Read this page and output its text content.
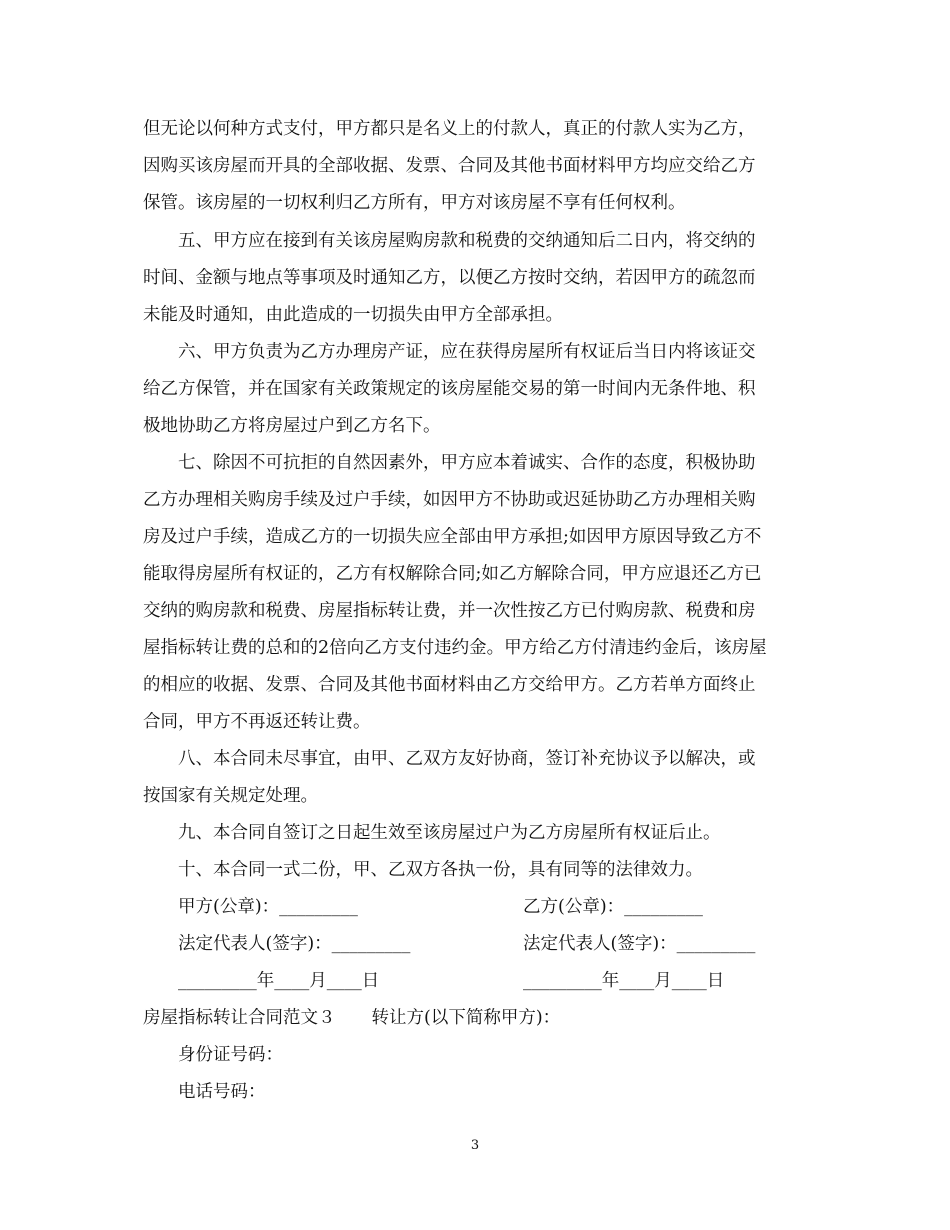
但无论以何种方式支付，甲方都只是名义上的付款人，真正的付款人实为乙方，
因购买该房屋而开具的全部收据、发票、合同及其他书面材料甲方均应交给乙方
保管。该房屋的一切权利归乙方所有，甲方对该房屋不享有任何权利。
五、甲方应在接到有关该房屋购房款和税费的交纳通知后二日内，将交纳的
时间、金额与地点等事项及时通知乙方，以便乙方按时交纳，若因甲方的疏忽而
未能及时通知，由此造成的一切损失由甲方全部承担。
六、甲方负责为乙方办理房产证，应在获得房屋所有权证后当日内将该证交
给乙方保管，并在国家有关政策规定的该房屋能交易的第一时间内无条件地、积
极地协助乙方将房屋过户到乙方名下。
七、除因不可抗拒的自然因素外，甲方应本着诚实、合作的态度，积极协助
乙方办理相关购房手续及过户手续，如因甲方不协助或迟延协助乙方办理相关购
房及过户手续，造成乙方的一切损失应全部由甲方承担;如因甲方原因导致乙方不
能取得房屋所有权证的，乙方有权解除合同;如乙方解除合同，甲方应退还乙方已
交纳的购房款和税费、房屋指标转让费，并一次性按乙方已付购房款、税费和房
屋指标转让费的总和的2倍向乙方支付违约金。甲方给乙方付清违约金后，该房屋
的相应的收据、发票、合同及其他书面材料由乙方交给甲方。乙方若单方面终止
合同，甲方不再返还转让费。
八、本合同未尽事宜，由甲、乙双方友好协商，签订补充协议予以解决，或
按国家有关规定处理。
九、本合同自签订之日起生效至该房屋过户为乙方房屋所有权证后止。
十、本合同一式二份，甲、乙双方各执一份，具有同等的法律效力。
甲方(公章)：_________	乙方(公章)：_________
法定代表人(签字)：_________	法定代表人(签字)：_________
_________年____月____日	_________年____月____日
房屋指标转让合同范文３ 转让方(以下简称甲方)：
身份证号码：
电话号码：
3
